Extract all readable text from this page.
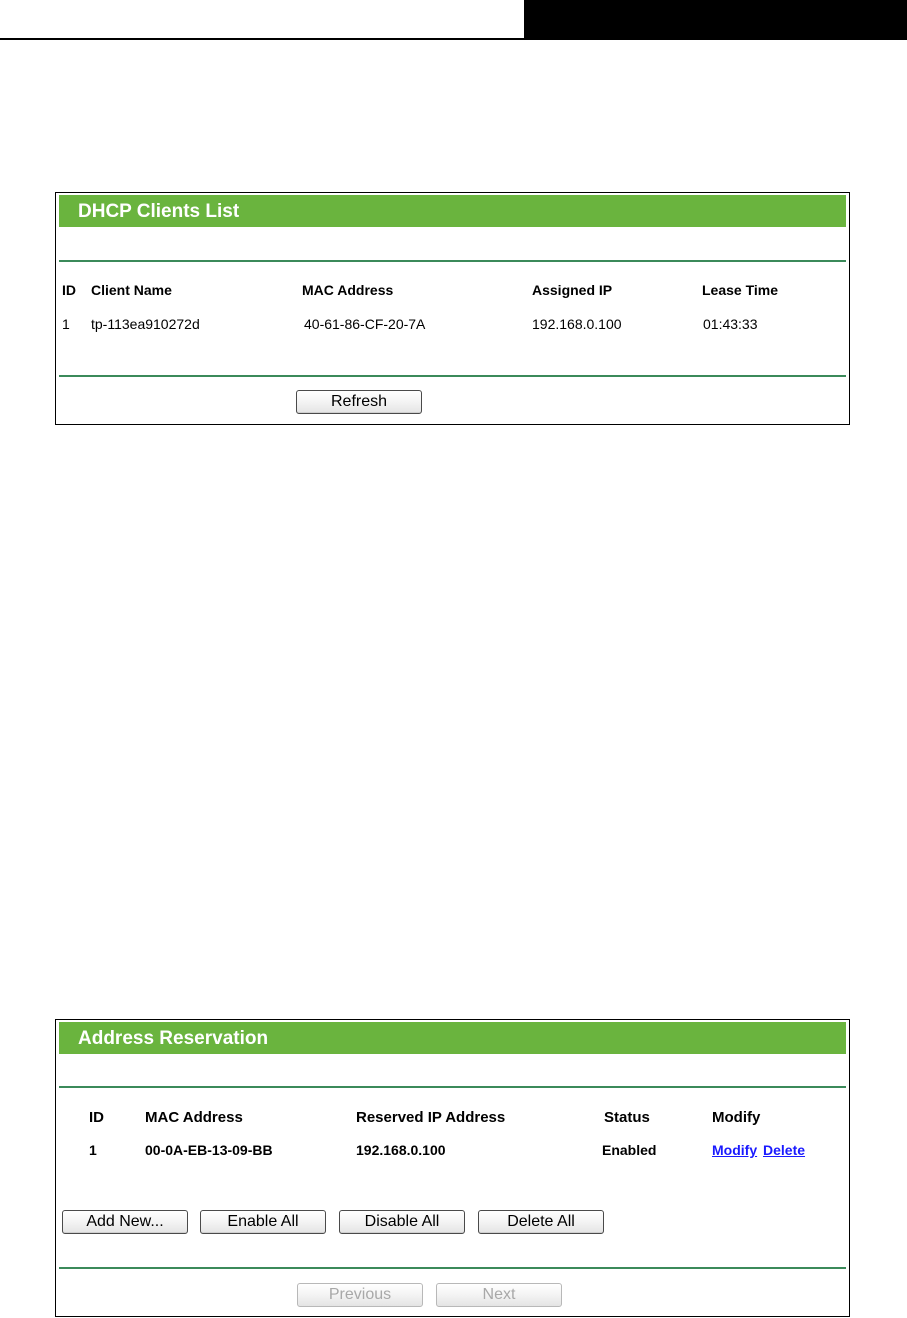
DHCP Clients List
ID Client Name	MAC Address	Assigned IP	Lease Time
1 tp-113ea910272d	40-61-86-CF-20-7A	192.168.0.100	01:43:33
Refresh
Address Reservation
ID	MAC Address	Reserved IP Address	Status	Modify
1	00-0A-EB-13-09-BB	192.168.0.100	Enabled	Modify Delete
Add New...	Enable All	Disable All	Delete All
Previous	Next
